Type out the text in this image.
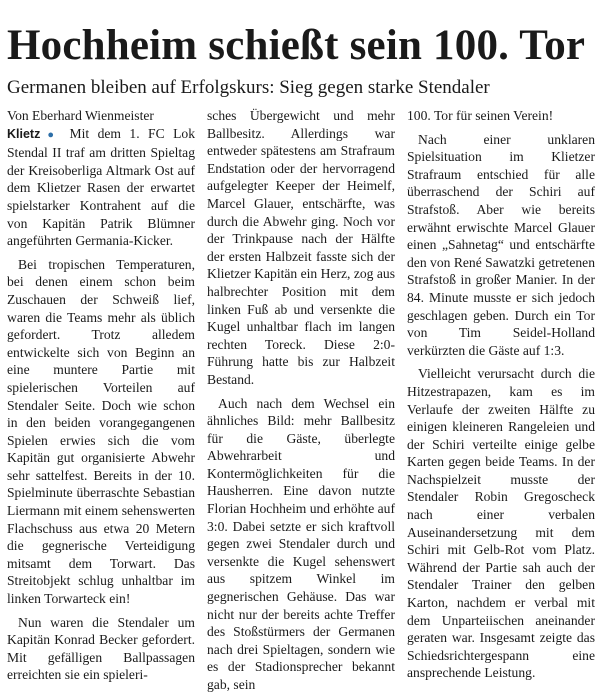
Hochheim schießt sein 100. Tor
Germanen bleiben auf Erfolgskurs: Sieg gegen starke Stendaler
Von Eberhard Wienmeister

Klietz ● Mit dem 1. FC Lok Stendal II traf am dritten Spieltag der Kreisoberliga Altmark Ost auf dem Klietzer Rasen der erwartet spielstarker Kontrahent auf die von Kapitän Patrik Blümner angeführten Germania-Kicker.

Bei tropischen Temperaturen, bei denen einem schon beim Zuschauen der Schweiß lief, waren die Teams mehr als üblich gefordert. Trotz alledem entwickelte sich von Beginn an eine muntere Partie mit spielerischen Vorteilen auf Stendaler Seite. Doch wie schon in den beiden vorangegangenen Spielen erwies sich die vom Kapitän gut organisierte Abwehr sehr sattelfest. Bereits in der 10. Spielminute überraschte Sebastian Liermann mit einem sehenswerten Flachschuss aus etwa 20 Metern die gegnerische Verteidigung mitsamt dem Torwart. Das Streitobjekt schlug unhaltbar im linken Torwarteck ein!

Nun waren die Stendaler um Kapitän Konrad Becker gefordert. Mit gefälligen Ballpassagen erreichten sie ein spieleri-

sches Übergewicht und mehr Ballbesitz. Allerdings war entweder spätestens am Strafraum Endstation oder der hervorragend aufgelegter Keeper der Heimelf, Marcel Glauer, entschärfte, was durch die Abwehr ging. Noch vor der Trinkpause nach der Hälfte der ersten Halbzeit fasste sich der Klietzer Kapitän ein Herz, zog aus halbrechter Position mit dem linken Fuß ab und versenkte die Kugel unhaltbar flach im langen rechten Toreck. Diese 2:0-Führung hatte bis zur Halbzeit Bestand.

Auch nach dem Wechsel ein ähnliches Bild: mehr Ballbesitz für die Gäste, überlegte Abwehrarbeit und Kontermöglichkeiten für die Hausherren. Eine davon nutzte Florian Hochheim und erhöhte auf 3:0. Dabei setzte er sich kraftvoll gegen zwei Stendaler durch und versenkte die Kugel sehenswert aus spitzem Winkel im gegnerischen Gehäuse. Das war nicht nur der bereits achte Treffer des Stoßstürmers der Germanen nach drei Spieltagen, sondern wie es der Stadionsprecher bekannt gab, sein

100. Tor für seinen Verein!

Nach einer unklaren Spielsituation im Klietzer Strafraum entschied für alle überraschend der Schiri auf Strafstoß. Aber wie bereits erwähnt erwischte Marcel Glauer einen „Sahnetag“ und entschärfte den von René Sawatzki getretenen Strafstoß in großer Manier. In der 84. Minute musste er sich jedoch geschlagen geben. Durch ein Tor von Tim Seidel-Holland verkürzten die Gäste auf 1:3.

Vielleicht verursacht durch die Hitzestrapazen, kam es im Verlaufe der zweiten Hälfte zu einigen kleineren Rangeleien und der Schiri verteilte einige gelbe Karten gegen beide Teams. In der Nachspielzeit musste der Stendaler Robin Gregoscheck nach einer verbalen Auseinandersetzung mit dem Schiri mit Gelb-Rot vom Platz. Während der Partie sah auch der Stendaler Trainer den gelben Karton, nachdem er verbal mit dem Unparteiischen aneinander geraten war. Insgesamt zeigte das Schiedsrichtergespann eine ansprechende Leistung.
